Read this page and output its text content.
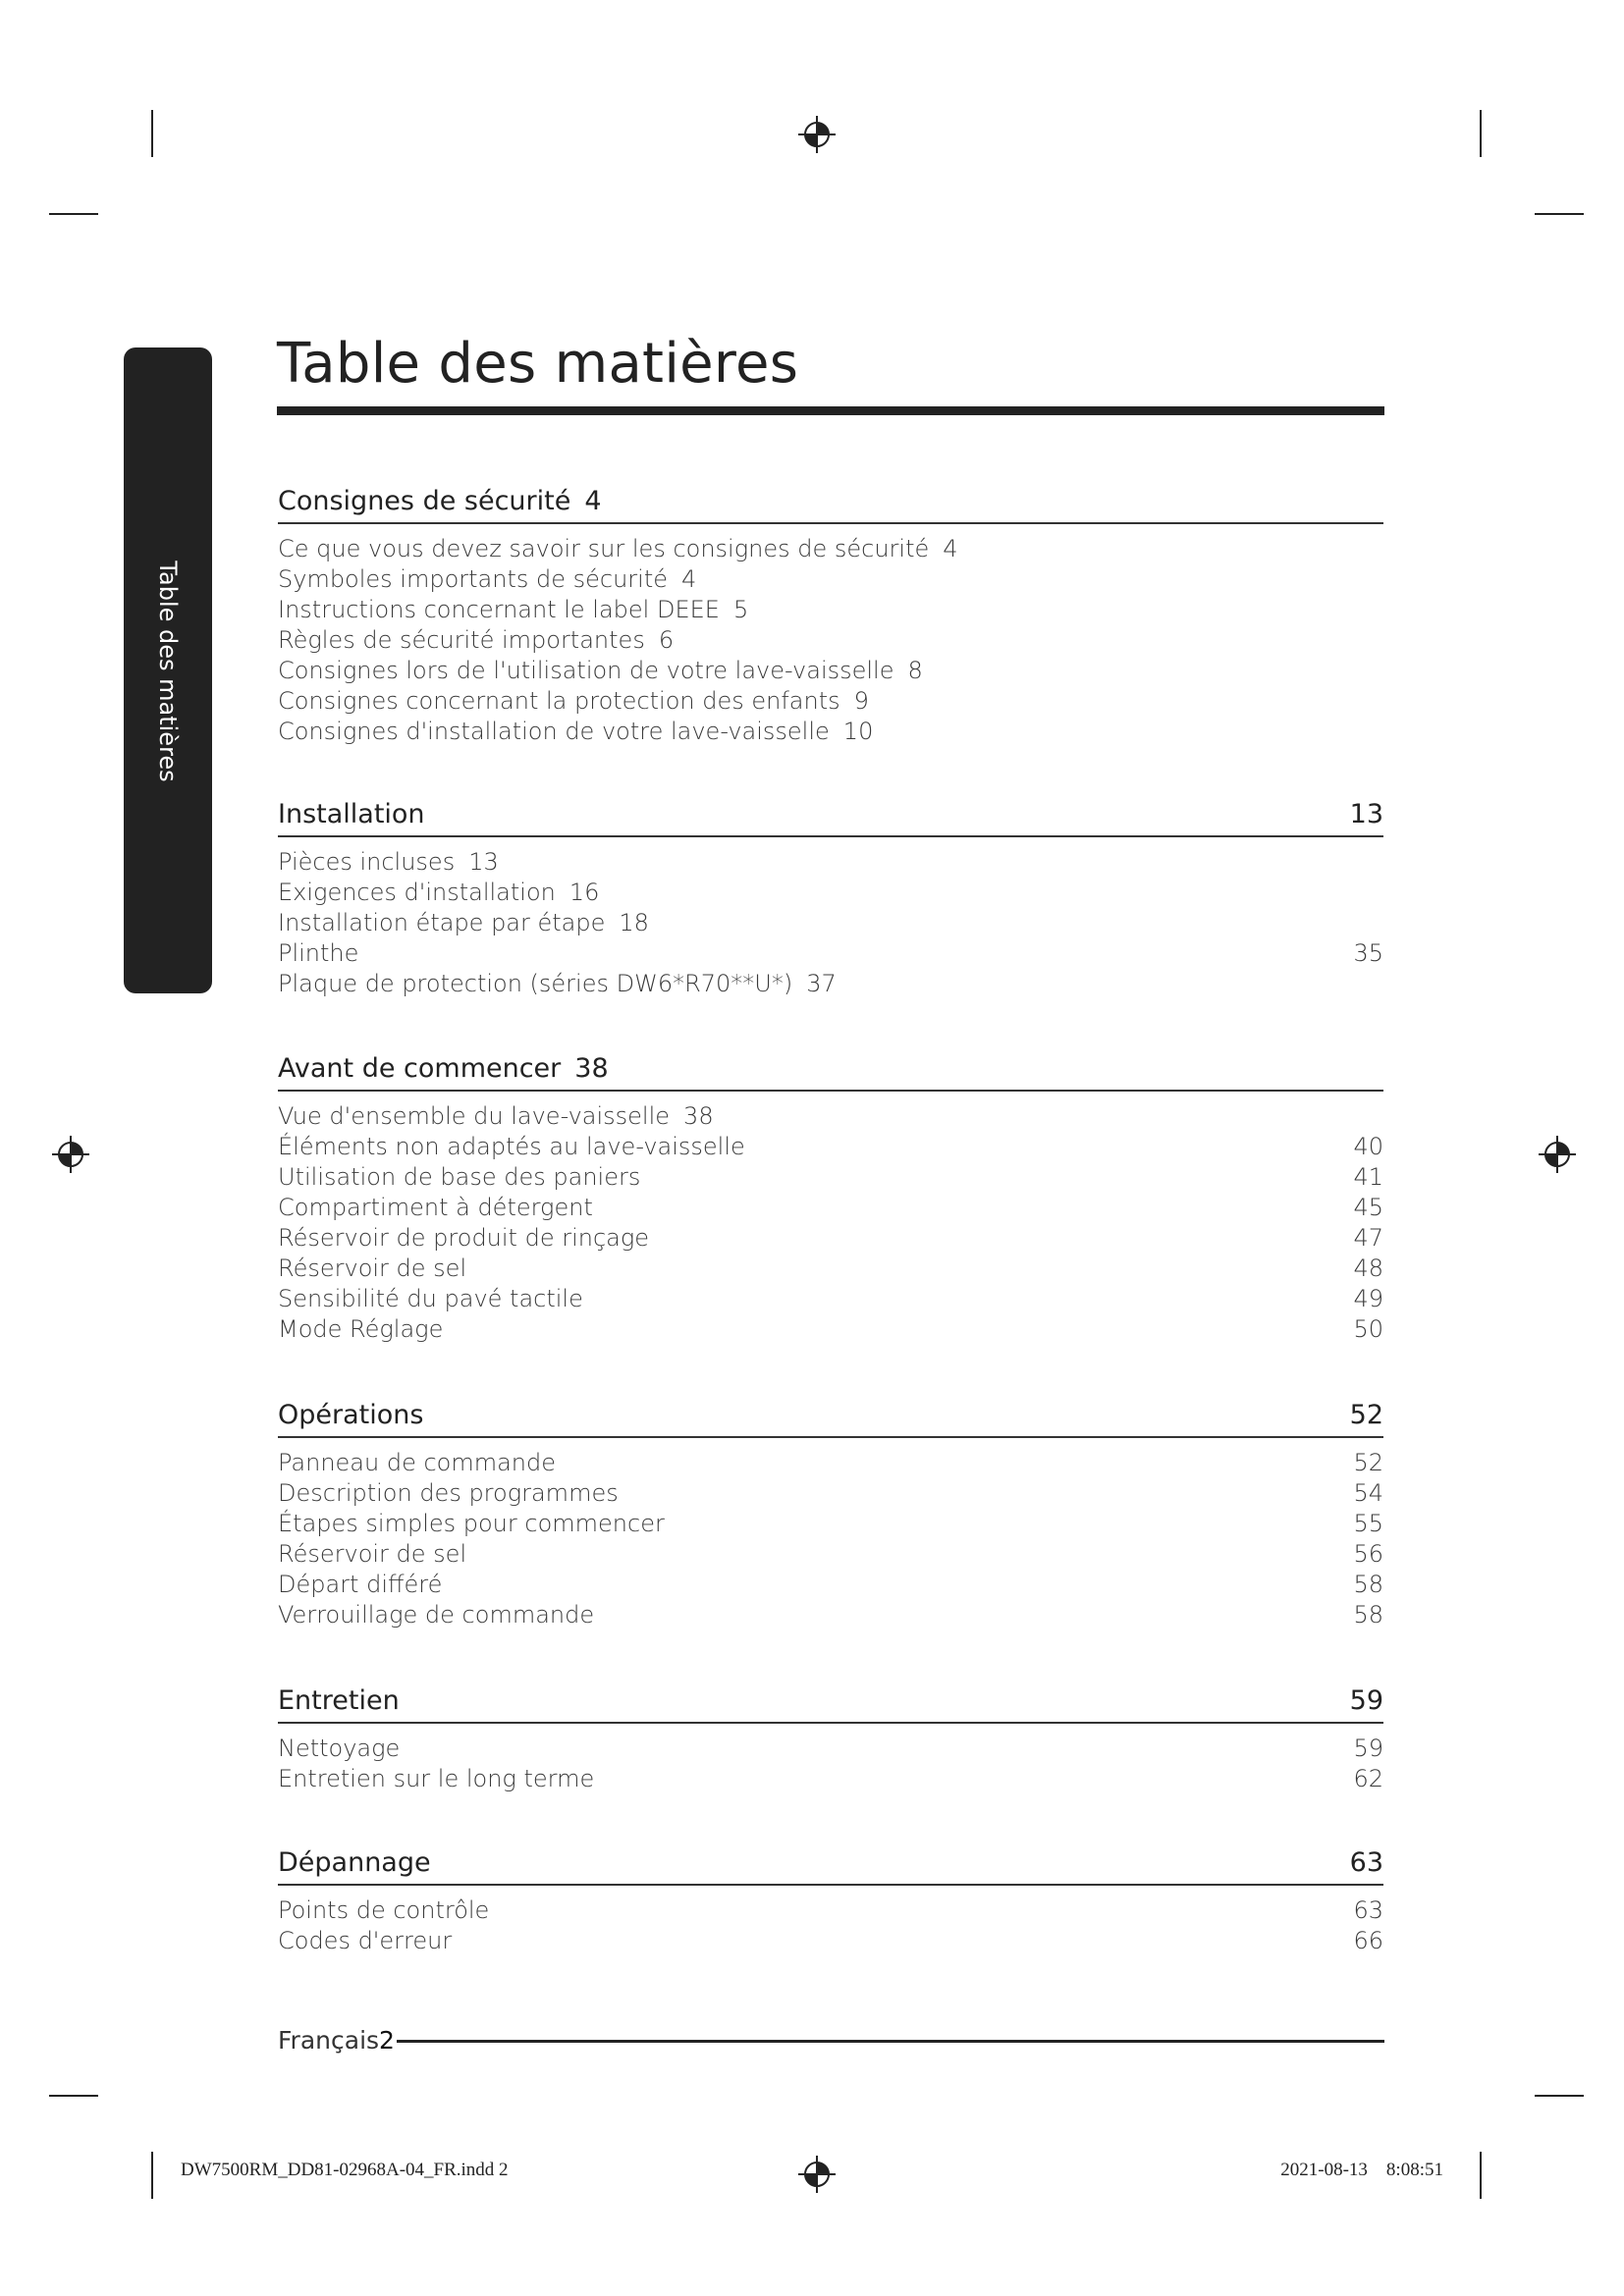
Table des matières
Table des matières
Consignes de sécurité 4
Ce que vous devez savoir sur les consignes de sécurité 4
Symboles importants de sécurité 4
Instructions concernant le label DEEE 5
Règles de sécurité importantes 6
Consignes lors de l'utilisation de votre lave-vaisselle 8
Consignes concernant la protection des enfants 9
Consignes d'installation de votre lave-vaisselle 10
Installation	13
Pièces incluses 13
Exigences d'installation 16
Installation étape par étape 18
Plinthe	35
Plaque de protection (séries DW6*R70**U*) 37
Avant de commencer 38
Vue d'ensemble du lave-vaisselle 38
Éléments non adaptés au lave-vaisselle	40
Utilisation de base des paniers	41
Compartiment à détergent	45
Réservoir de produit de rinçage	47
Réservoir de sel	48
Sensibilité du pavé tactile	49
Mode Réglage	50
Opérations	52
Panneau de commande	52
Description des programmes	54
Étapes simples pour commencer	55
Réservoir de sel	56
Départ différé	58
Verrouillage de commande	58
Entretien	59
Nettoyage	59
Entretien sur le long terme	62
Dépannage	63
Points de contrôle	63
Codes d'erreur	66
Français2
DW7500RM_DD81-02968A-04_FR.indd 2	2021-08-13    8:08:51
